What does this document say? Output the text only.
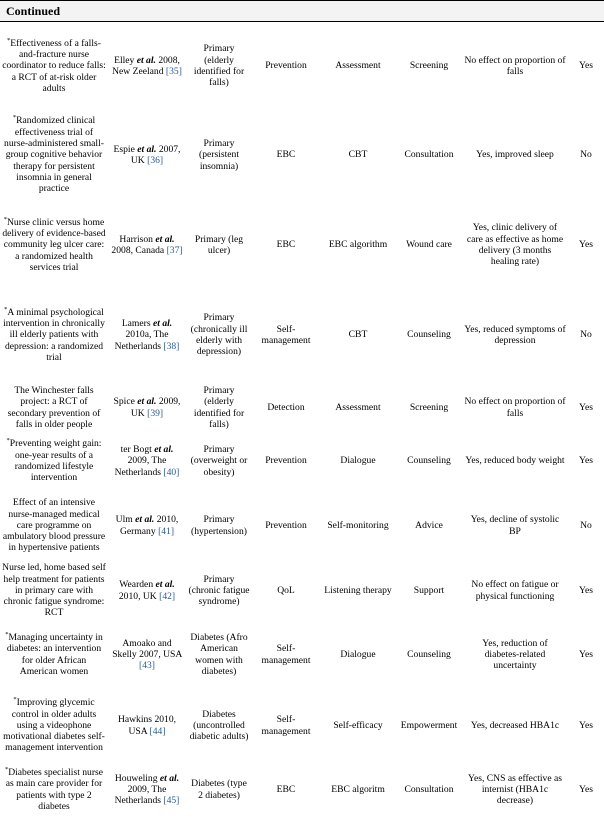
Continued
*Effectiveness of a falls-and-fracture nurse coordinator to reduce falls: a RCT of at-risk older adults	Elley et al. 2008, New Zeeland [35]	Primary (elderly identified for falls)	Prevention	Assessment	Screening	No effect on proportion of falls	Yes
*Randomized clinical effectiveness trial of nurse-administered small-group cognitive behavior therapy for persistent insomnia in general practice	Espie et al. 2007, UK [36]	Primary (persistent insomnia)	EBC	CBT	Consultation	Yes, improved sleep	No
*Nurse clinic versus home delivery of evidence-based community leg ulcer care: a randomized health services trial	Harrison et al. 2008, Canada [37]	Primary (leg ulcer)	EBC	EBC algorithm	Wound care	Yes, clinic delivery of care as effective as home delivery (3 months healing rate)	Yes
*A minimal psychological intervention in chronically ill elderly patients with depression: a randomized trial	Lamers et al. 2010a, The Netherlands [38]	Primary (chronically ill elderly with depression)	Self-management	CBT	Counseling	Yes, reduced symptoms of depression	No
The Winchester falls project: a RCT of secondary prevention of falls in older people	Spice et al. 2009, UK [39]	Primary (elderly identified for falls)	Detection	Assessment	Screening	No effect on proportion of falls	Yes
*Preventing weight gain: one-year results of a randomized lifestyle intervention	ter Bogt et al. 2009, The Netherlands [40]	Primary (overweight or obesity)	Prevention	Dialogue	Counseling	Yes, reduced body weight	Yes
Effect of an intensive nurse-managed medical care programme on ambulatory blood pressure in hypertensive patients	Ulm et al. 2010, Germany [41]	Primary (hypertension)	Prevention	Self-monitoring	Advice	Yes, decline of systolic BP	No
Nurse led, home based self help treatment for patients in primary care with chronic fatigue syndrome: RCT	Wearden et al. 2010, UK [42]	Primary (chronic fatigue syndrome)	QoL	Listening therapy	Support	No effect on fatigue or physical functioning	Yes
*Managing uncertainty in diabetes: an intervention for older African American women	Amoako and Skelly 2007, USA [43]	Diabetes (Afro American women with diabetes)	Self-management	Dialogue	Counseling	Yes, reduction of diabetes-related uncertainty	Yes
*Improving glycemic control in older adults using a videophone motivational diabetes self-management intervention	Hawkins 2010, USA [44]	Diabetes (uncontrolled diabetic adults)	Self-management	Self-efficacy	Empowerment	Yes, decreased HBA1c	Yes
*Diabetes specialist nurse as main care provider for patients with type 2 diabetes	Houweling et al. 2009, The Netherlands [45]	Diabetes (type 2 diabetes)	EBC	EBC algoritm	Consultation	Yes, CNS as effective as internist (HBA1c decrease)	Yes
